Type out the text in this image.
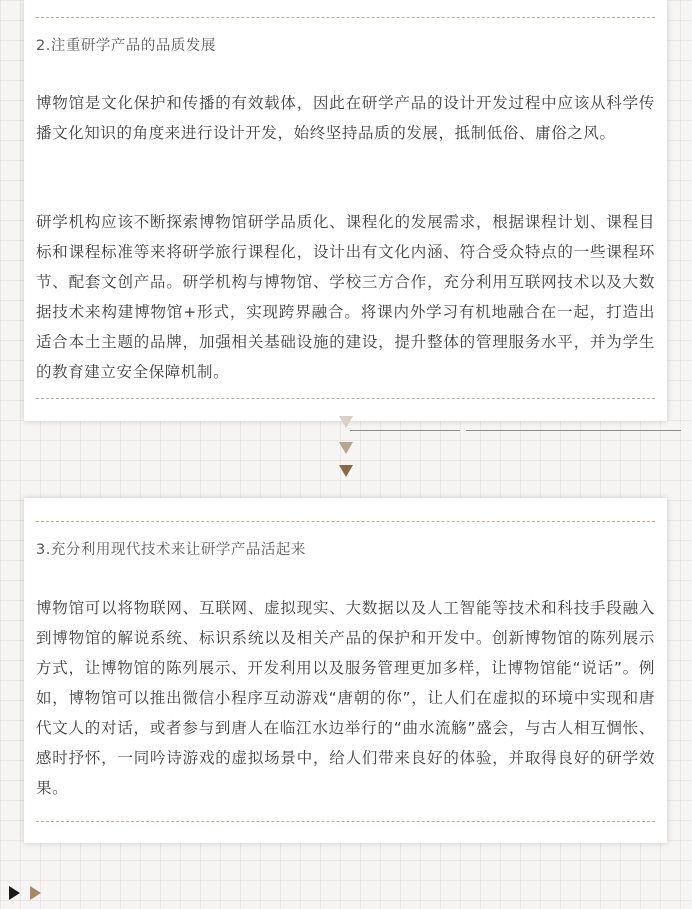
2.注重研学产品的品质发展

博物馆是文化保护和传播的有效载体，因此在研学产品的设计开发过程中应该从科学传播文化知识的角度来进行设计开发，始终坚持品质的发展，抵制低俗、庸俗之风。

研学机构应该不断探索博物馆研学品质化、课程化的发展需求，根据课程计划、课程目标和课程标准等来将研学旅行课程化，设计出有文化内涵、符合受众特点的一些课程环节、配套文创产品。研学机构与博物馆、学校三方合作，充分利用互联网技术以及大数据技术来构建博物馆+形式，实现跨界融合。将课内外学习有机地融合在一起，打造出适合本土主题的品牌，加强相关基础设施的建设，提升整体的管理服务水平，并为学生的教育建立安全保障机制。

3.充分利用现代技术来让研学产品活起来

博物馆可以将物联网、互联网、虚拟现实、大数据以及人工智能等技术和科技手段融入到博物馆的解说系统、标识系统以及相关产品的保护和开发中。创新博物馆的陈列展示方式，让博物馆的陈列展示、开发利用以及服务管理更加多样，让博物馆能“说话”。例如，博物馆可以推出微信小程序互动游戏“唐朝的你”，让人们在虚拟的环境中实现和唐代文人的对话，或者参与到唐人在临江水边举行的“曲水流觞”盛会，与古人相互惆怅、感时抒怀，一同吟诗游戏的虚拟场景中，给人们带来良好的体验，并取得良好的研学效果。
